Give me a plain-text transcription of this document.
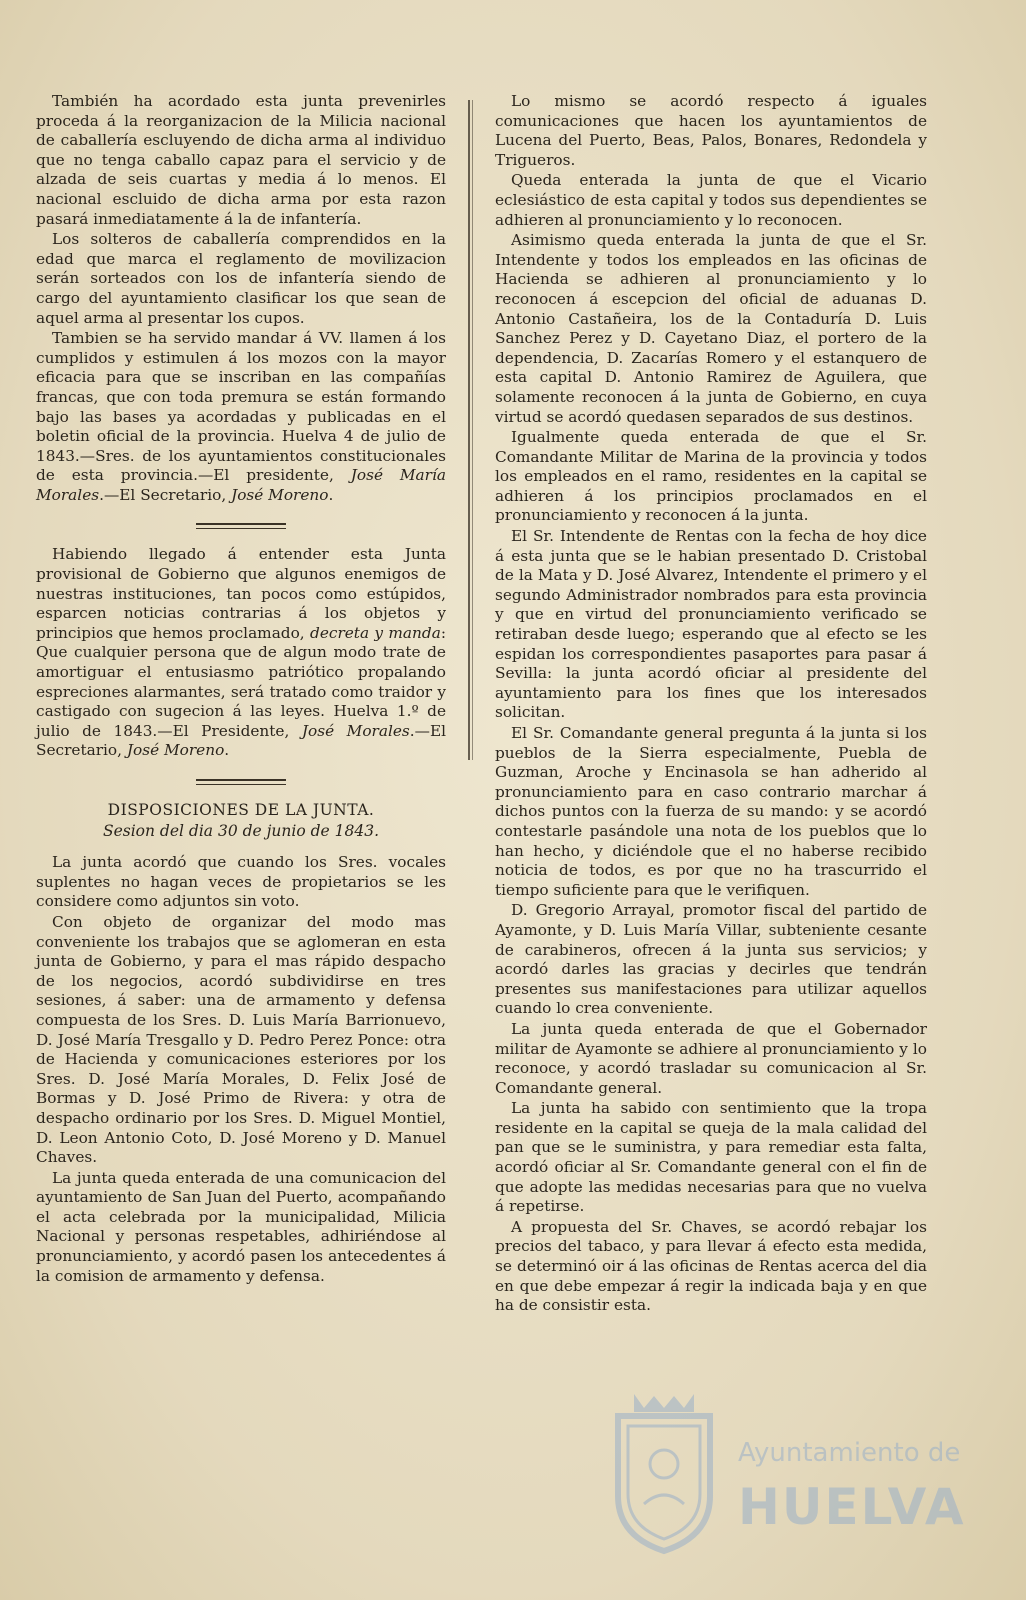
También ha acordado esta junta prevenirles proceda á la reorganizacion de la Milicia nacional de caballería escluyendo de dicha arma al individuo que no tenga caballo capaz para el servicio y de alzada de seis cuartas y media á lo menos. El nacional escluido de dicha arma por esta razon pasará inmediatamente á la de infantería.

Los solteros de caballería comprendidos en la edad que marca el reglamento de movilizacion serán sorteados con los de infantería siendo de cargo del ayuntamiento clasificar los que sean de aquel arma al presentar los cupos.

Tambien se ha servido mandar á VV. llamen á los cumplidos y estimulen á los mozos con la mayor eficacia para que se inscriban en las compañías francas, que con toda premura se están formando bajo las bases ya acordadas y publicadas en el boletin oficial de la provincia. Huelva 4 de julio de 1843.—Sres. de los ayuntamientos constitucionales de esta provincia.—El presidente, José María Morales.—El Secretario, José Moreno.

Habiendo llegado á entender esta Junta provisional de Gobierno que algunos enemigos de nuestras instituciones, tan pocos como estúpidos, esparcen noticias contrarias á los objetos y principios que hemos proclamado, decreta y manda: Que cualquier persona que de algun modo trate de amortiguar el entusiasmo patriótico propalando espreciones alarmantes, será tratado como traidor y castigado con sugecion á las leyes. Huelva 1.º de julio de 1843.—El Presidente, José Morales.—El Secretario, José Moreno.

DISPOSICIONES DE LA JUNTA.

Sesion del dia 30 de junio de 1843.

La junta acordó que cuando los Sres. vocales suplentes no hagan veces de propietarios se les considere como adjuntos sin voto.

Con objeto de organizar del modo mas conveniente los trabajos que se aglomeran en esta junta de Gobierno, y para el mas rápido despacho de los negocios, acordó subdividirse en tres sesiones, á saber: una de armamento y defensa compuesta de los Sres. D. Luis María Barrionuevo, D. José María Tresgallo y D. Pedro Perez Ponce: otra de Hacienda y comunicaciones esteriores por los Sres. D. José María Morales, D. Felix José de Bormas y D. José Primo de Rivera: y otra de despacho ordinario por los Sres. D. Miguel Montiel, D. Leon Antonio Coto, D. José Moreno y D. Manuel Chaves.

La junta queda enterada de una comunicacion del ayuntamiento de San Juan del Puerto, acompañando el acta celebrada por la municipalidad, Milicia Nacional y personas respetables, adhiriéndose al pronunciamiento, y acordó pasen los antecedentes á la comision de armamento y defensa.

Lo mismo se acordó respecto á iguales comunicaciones que hacen los ayuntamientos de Lucena del Puerto, Beas, Palos, Bonares, Redondela y Trigueros.

Queda enterada la junta de que el Vicario eclesiástico de esta capital y todos sus dependientes se adhieren al pronunciamiento y lo reconocen.

Asimismo queda enterada la junta de que el Sr. Intendente y todos los empleados en las oficinas de Hacienda se adhieren al pronunciamiento y lo reconocen á escepcion del oficial de aduanas D. Antonio Castañeira, los de la Contaduría D. Luis Sanchez Perez y D. Cayetano Diaz, el portero de la dependencia, D. Zacarías Romero y el estanquero de esta capital D. Antonio Ramirez de Aguilera, que solamente reconocen á la junta de Gobierno, en cuya virtud se acordó quedasen separados de sus destinos.

Igualmente queda enterada de que el Sr. Comandante Militar de Marina de la provincia y todos los empleados en el ramo, residentes en la capital se adhieren á los principios proclamados en el pronunciamiento y reconocen á la junta.

El Sr. Intendente de Rentas con la fecha de hoy dice á esta junta que se le habian presentado D. Cristobal de la Mata y D. José Alvarez, Intendente el primero y el segundo Administrador nombrados para esta provincia y que en virtud del pronunciamiento verificado se retiraban desde luego; esperando que al efecto se les espidan los correspondientes pasaportes para pasar á Sevilla: la junta acordó oficiar al presidente del ayuntamiento para los fines que los interesados solicitan.

El Sr. Comandante general pregunta á la junta si los pueblos de la Sierra especialmente, Puebla de Guzman, Aroche y Encinasola se han adherido al pronunciamiento para en caso contrario marchar á dichos puntos con la fuerza de su mando: y se acordó contestarle pasándole una nota de los pueblos que lo han hecho, y diciéndole que el no haberse recibido noticia de todos, es por que no ha trascurrido el tiempo suficiente para que le verifiquen.

D. Gregorio Arrayal, promotor fiscal del partido de Ayamonte, y D. Luis María Villar, subteniente cesante de carabineros, ofrecen á la junta sus servicios; y acordó darles las gracias y decirles que tendrán presentes sus manifestaciones para utilizar aquellos cuando lo crea conveniente.

La junta queda enterada de que el Gobernador militar de Ayamonte se adhiere al pronunciamiento y lo reconoce, y acordó trasladar su comunicacion al Sr. Comandante general.

La junta ha sabido con sentimiento que la tropa residente en la capital se queja de la mala calidad del pan que se le suministra, y para remediar esta falta, acordó oficiar al Sr. Comandante general con el fin de que adopte las medidas necesarias para que no vuelva á repetirse.

A propuesta del Sr. Chaves, se acordó rebajar los precios del tabaco, y para llevar á efecto esta medida, se determinó oir á las oficinas de Rentas acerca del dia en que debe empezar á regir la indicada baja y en que ha de consistir esta.

Ayuntamiento de
HUELVA
